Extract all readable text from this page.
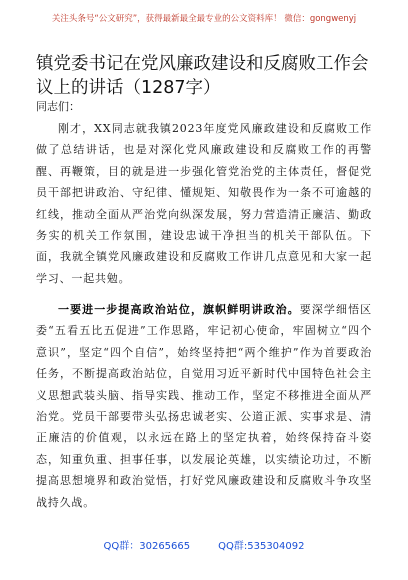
关注头条号“公文研究”，获得最新最全最专业的公文资料库！ 微信：gongwenyj
镇党委书记在党风廉政建设和反腐败工作会议上的讲话（1287字）
同志们：

刚才，XX同志就我镇2023年度党风廉政建设和反腐败工作做了总结讲话，也是对深化党风廉政建设和反腐败工作的再警醒、再鞭策，目的就是进一步强化管党治党的主体责任，督促党员干部把讲政治、守纪律、懂规矩、知敬畏作为一条不可逾越的红线，推动全面从严治党向纵深发展，努力营造清正廉洁、勤政务实的机关工作氛围，建设忠诚干净担当的机关干部队伍。下面，我就全镇党风廉政建设和反腐败工作讲几点意见和大家一起学习、一起共勉。

一要进一步提高政治站位，旗帜鲜明讲政治。要深学细悟区委“五看五比五促进”工作思路，牢记初心使命，牢固树立“四个意识”，坚定“四个自信”，始终坚持把“两个维护”作为首要政治任务，不断提高政治站位，自觉用习近平新时代中国特色社会主义思想武装头脑、指导实践、推动工作，坚定不移推进全面从严治党。党员干部要带头弘扬忠诚老实、公道正派、实事求是、清正廉洁的价值观，以永远在路上的坚定执着，始终保持奋斗姿态，知重负重、担事任事，以发展论英雄，以实绩论功过，不断提高思想境界和政治觉悟，打好党风廉政建设和反腐败斗争攻坚战持久战。

QQ群：30265665	QQ群:535304092
